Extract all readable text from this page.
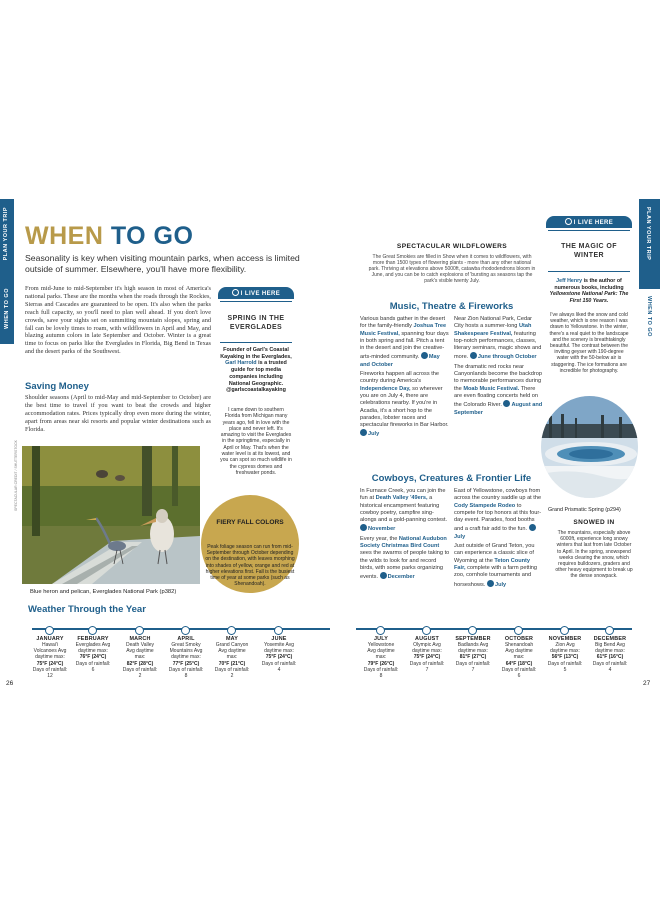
PLAN YOUR TRIP
WHEN TO GO
PLAN YOUR TRIP
WHEN TO GO
WHEN TO GO
Seasonality is key when visiting mountain parks, when access is limited outside of summer. Elsewhere, you'll have more flexibility.
From mid-June to mid-September it's high season in most of America's national parks. These are the months when the roads through the Rockies, Sierras and Cascades are guaranteed to be open. It's also when the parks reach full capacity, so you'll need to plan well ahead. If you don't love crowds, save your sights set on summiting mountain slopes, spring and fall can be lovely times to roam, with wildflowers in April and May, and blazing autumn colors in late September and October. Winter is a great time to focus on parks like the Everglades in Florida, Big Bend in Texas and the desert parks of the Southwest.
Saving Money
Shoulder seasons (April to mid-May and mid-September to October) are the best time to travel if you want to beat the crowds and higher accommodation rates. Prices typically drop even more during the winter, apart from areas near ski resorts and popular winter destinations such as Florida.
SPECTACULAR CREDIT / SHUTTERSTOCK
Blue heron and pelican, Everglades National Park (p382)
I LIVE HERE
SPRING IN THE EVERGLADES
Founder of Garl's Coastal Kayaking in the Everglades, Garl Harrold is a trusted guide for top media companies including National Geographic.
@garlscoastalkayaking
I came down to southern Florida from Michigan many years ago, fell in love with the place and never left. It's amazing to visit the Everglades in the springtime, especially in April or May. That's when the water level is at its lowest, and you can spot so much wildlife in the cypress domes and freshwater ponds.
FIERY FALL COLORS
Peak foliage season can run from mid-September through October depending on the destination, with leaves morphing into shades of yellow, orange and red at higher elevations first. Fall is the busiest time of year at some parks (such as Shenandoah).
SPECTACULAR WILDFLOWERS
The Great Smokies are filled in Show when it comes to wildflowers, with more than 1500 types of flowering plants - more than any other national park. Thriving at elevations above 5000ft, catawba rhododendrons bloom in June, and you can be to catch explosions of 'bursting as seasons tap the park's visible twenty July.
Music, Theatre & Fireworks
Various bands gather in the desert for the family-friendly Joshua Tree Music Festival, spanning four days in both spring and fall. Pitch a tent in the desert and join the creative-arts-minded community. May and October
Fireworks happen all across the country during America's Independence Day, so wherever you are on July 4, there are celebrations nearby. If you're in Acadia, it's a short hop to the parades, lobster races and spectacular fireworks in Bar Harbor. July
Near Zion National Park, Cedar City hosts a summer-long Utah Shakespeare Festival, featuring top-notch performances, classes, literary seminars, magic shows and more. June through October
The dramatic red rocks near Canyonlands become the backdrop to memorable performances during the Moab Music Festival. There are even floating concerts held on the Colorado River. August and September
Cowboys, Creatures & Frontier Life
In Furnace Creek, you can join the fun at Death Valley '49ers, a historical encampment featuring cowboy poetry, campfire sing-alongs and a gold-panning contest. November
Every year, the National Audubon Society Christmas Bird Count sees the swarms of people taking to the wilds to look for and record birds, with some parks organizing events. December
East of Yellowstone, cowboys from across the country saddle up at the Cody Stampede Rodeo to compete for top honors at this four-day event. Parades, food booths and a craft fair add to the fun. July
Just outside of Grand Teton, you can experience a classic slice of Wyoming at the Teton County Fair, complete with a farm petting zoo, cornhole tournaments and horseshows. July
I LIVE HERE
THE MAGIC OF WINTER
Jeff Henry is the author of numerous books, including Yellowstone National Park: The First 150 Years.
I've always liked the snow and cold weather, which is one reason I was drawn to Yellowstone. In the winter, there's a real quiet to the landscape and the scenery is breathtakingly beautiful. The contrast between the inviting geyser with 190-degree water with the 50-below air is staggering. The ice formations are incredible for photography.
Grand Prismatic Spring (p294)
SNOWED IN
The mountains, especially above 6000ft, experience long snowy winters that last from late October to April. In the spring, snowspend weeks clearing the snow, which requires bulldozers, graders and other heavy equipment to break up the dense snowpack.
Weather Through the Year
JANUARY
Hawai'i
Volcanoes Avg
daytime max:
75°F (24°C)
Days of rainfall:
12
FEBRUARY
Everglades Avg
daytime max:
76°F (24°C)
Days of rainfall:
6
MARCH
Death Valley
Avg daytime
max:
82°F (28°C)
Days of rainfall:
2
APRIL
Great Smoky
Mountains Avg
daytime max:
77°F (25°C)
Days of rainfall:
8
MAY
Grand Canyon
Avg daytime
max:
70°F (21°C)
Days of rainfall:
2
JUNE
Yosemite Avg
daytime max:
75°F (24°C)
Days of rainfall:
4
JULY
Yellowstone
Avg daytime
max:
79°F (26°C)
Days of rainfall:
8
AUGUST
Olympic Avg
daytime max:
75°F (24°C)
Days of rainfall:
7
SEPTEMBER
Badlands Avg
daytime max:
81°F (27°C)
Days of rainfall:
7
OCTOBER
Shenandoah
Avg daytime
max:
64°F (18°C)
Days of rainfall:
6
NOVEMBER
Zion Avg
daytime max:
56°F (13°C)
Days of rainfall:
5
DECEMBER
Big Bend Avg
daytime max:
61°F (16°C)
Days of rainfall:
4
26	27
